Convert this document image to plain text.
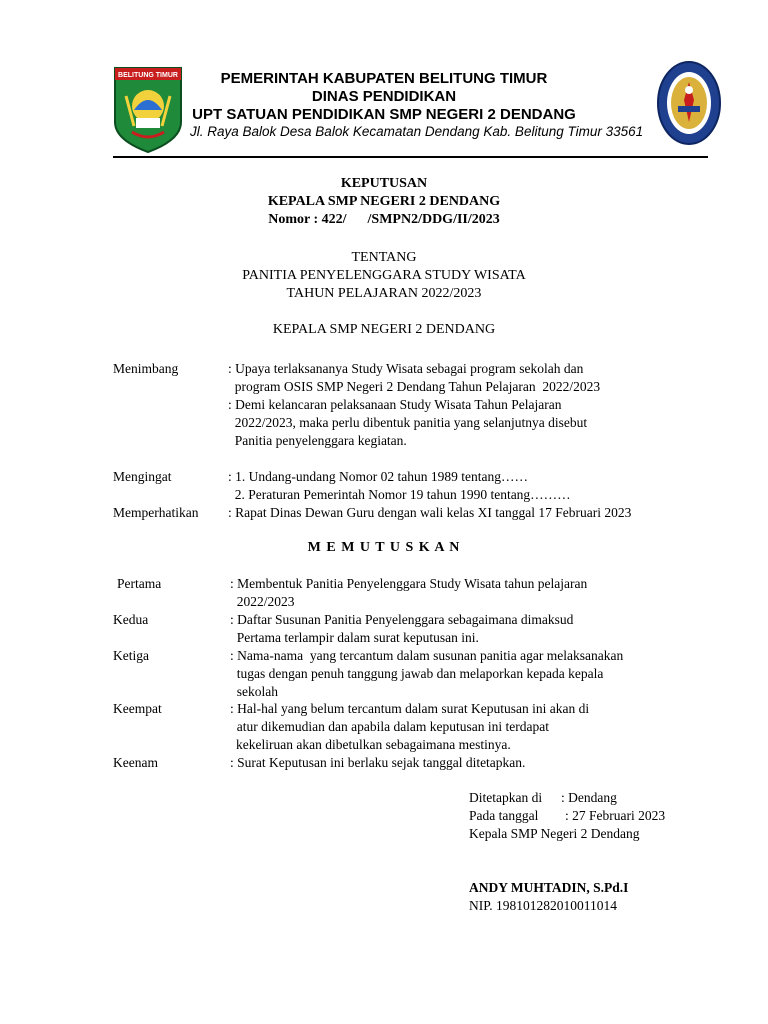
BELITUNG TIMUR	PEMERINTAH KABUPATEN BELITUNG TIMUR
DINAS PENDIDIKAN
UPT SATUAN PENDIDIKAN SMP NEGERI 2 DENDANG
Jl. Raya Balok Desa Balok Kecamatan Dendang Kab. Belitung Timur 33561
KEPUTUSAN
KEPALA SMP NEGERI 2 DENDANG
Nomor : 422/      /SMPN2/DDG/II/2023
TENTANG
PANITIA PENYELENGGARA STUDY WISATA
TAHUN PELAJARAN 2022/2023
KEPALA SMP NEGERI 2 DENDANG
Menimbang	: Upaya terlaksananya Study Wisata sebagai program sekolah dan
program OSIS SMP Negeri 2 Dendang Tahun Pelajaran  2022/2023
: Demi kelancaran pelaksanaan Study Wisata Tahun Pelajaran
2022/2023, maka perlu dibentuk panitia yang selanjutnya disebut
Panitia penyelenggara kegiatan.
Mengingat	: 1. Undang-undang Nomor 02 tahun 1989 tentang……
2. Peraturan Pemerintah Nomor 19 tahun 1990 tentang………
Memperhatikan : Rapat Dinas Dewan Guru dengan wali kelas XI tanggal 17 Februari 2023
M E M U T U S K A N
Pertama	: Membentuk Panitia Penyelenggara Study Wisata tahun pelajaran
2022/2023
Kedua	: Daftar Susunan Panitia Penyelenggara sebagaimana dimaksud
Pertama terlampir dalam surat keputusan ini.
Ketiga	: Nama-nama  yang tercantum dalam susunan panitia agar melaksanakan
tugas dengan penuh tanggung jawab dan melaporkan kepada kepala
sekolah
Keempat	: Hal-hal yang belum tercantum dalam surat Keputusan ini akan di
atur dikemudian dan apabila dalam keputusan ini terdapat
kekeliruan akan dibetulkan sebagaimana mestinya.
Keenam	: Surat Keputusan ini berlaku sejak tanggal ditetapkan.
Ditetapkan di : Dendang
Pada tanggal : 27 Februari 2023
Kepala SMP Negeri 2 Dendang
ANDY MUHTADIN, S.Pd.I
NIP. 198101282010011014
